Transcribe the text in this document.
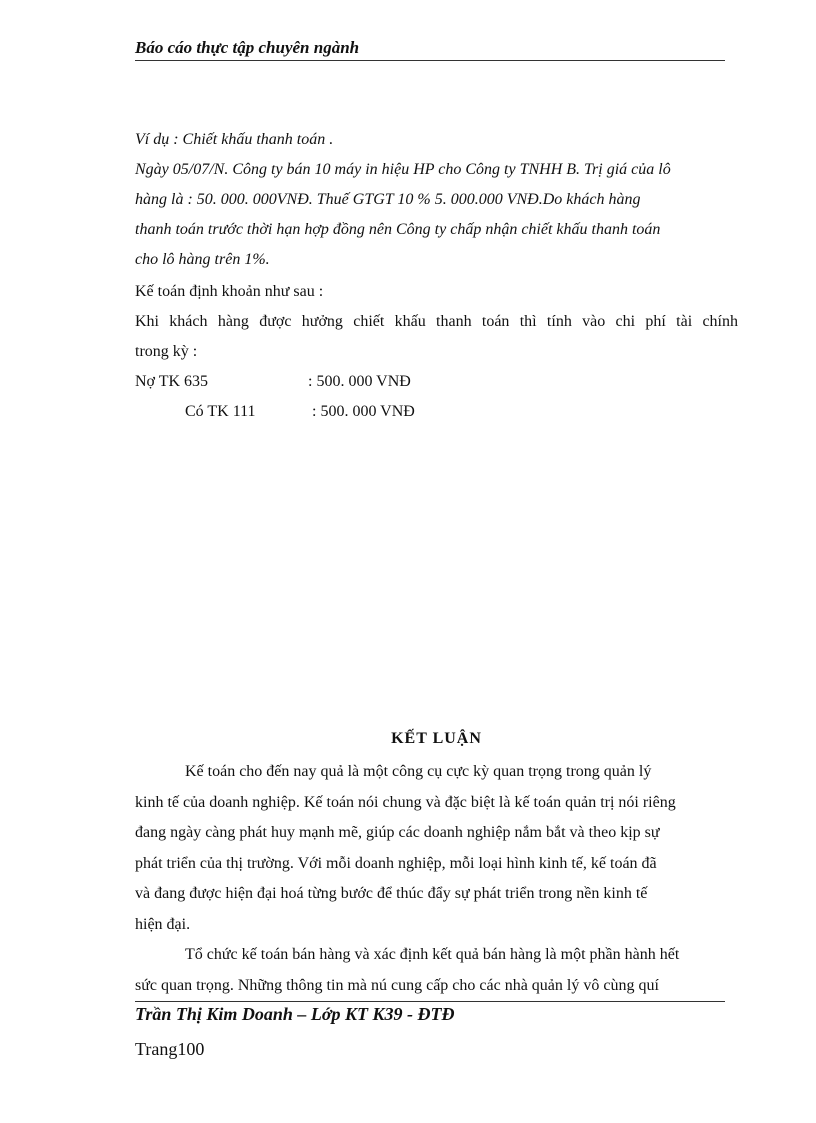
Báo cáo thực tập chuyên ngành
Ví dụ : Chiết khấu thanh toán .
Ngày 05/07/N. Công ty bán 10 máy in hiệu HP cho Công ty TNHH B. Trị giá của lô
hàng là : 50. 000. 000VNĐ. Thuế GTGT 10 % 5. 000.000 VNĐ.Do khách hàng
thanh toán trước thời hạn hợp đồng nên Công ty chấp nhận chiết khấu thanh toán
cho lô hàng trên 1%.
Kế toán định khoản như sau :
Khi khách hàng được hưởng chiết khấu thanh toán thì tính vào chi phí tài chính
trong kỳ :
Nợ TK 635	: 500. 000 VNĐ
Có TK 111	: 500. 000 VNĐ
KẾT LUẬN
Kế toán cho đến nay quả là một công cụ cực kỳ quan trọng trong quản lý
kinh tế của doanh nghiệp. Kế toán nói chung và đặc biệt là kế toán quản trị nói riêng
đang ngày càng phát huy mạnh mẽ, giúp các doanh nghiệp nắm bắt và theo kịp sự
phát triển của thị trường. Với mỗi doanh nghiệp, mỗi loại hình kinh tế, kế toán đã
và đang được hiện đại hoá từng bước để thúc đẩy sự phát triển trong nền kinh tế
hiện đại.
Tổ chức kế toán bán hàng và xác định kết quả bán hàng là một phần hành hết
sức quan trọng. Những thông tin mà nú cung cấp cho các nhà quản lý vô cùng quí
Trần Thị Kim Doanh – Lớp KT K39 - ĐTĐ
Trang100
